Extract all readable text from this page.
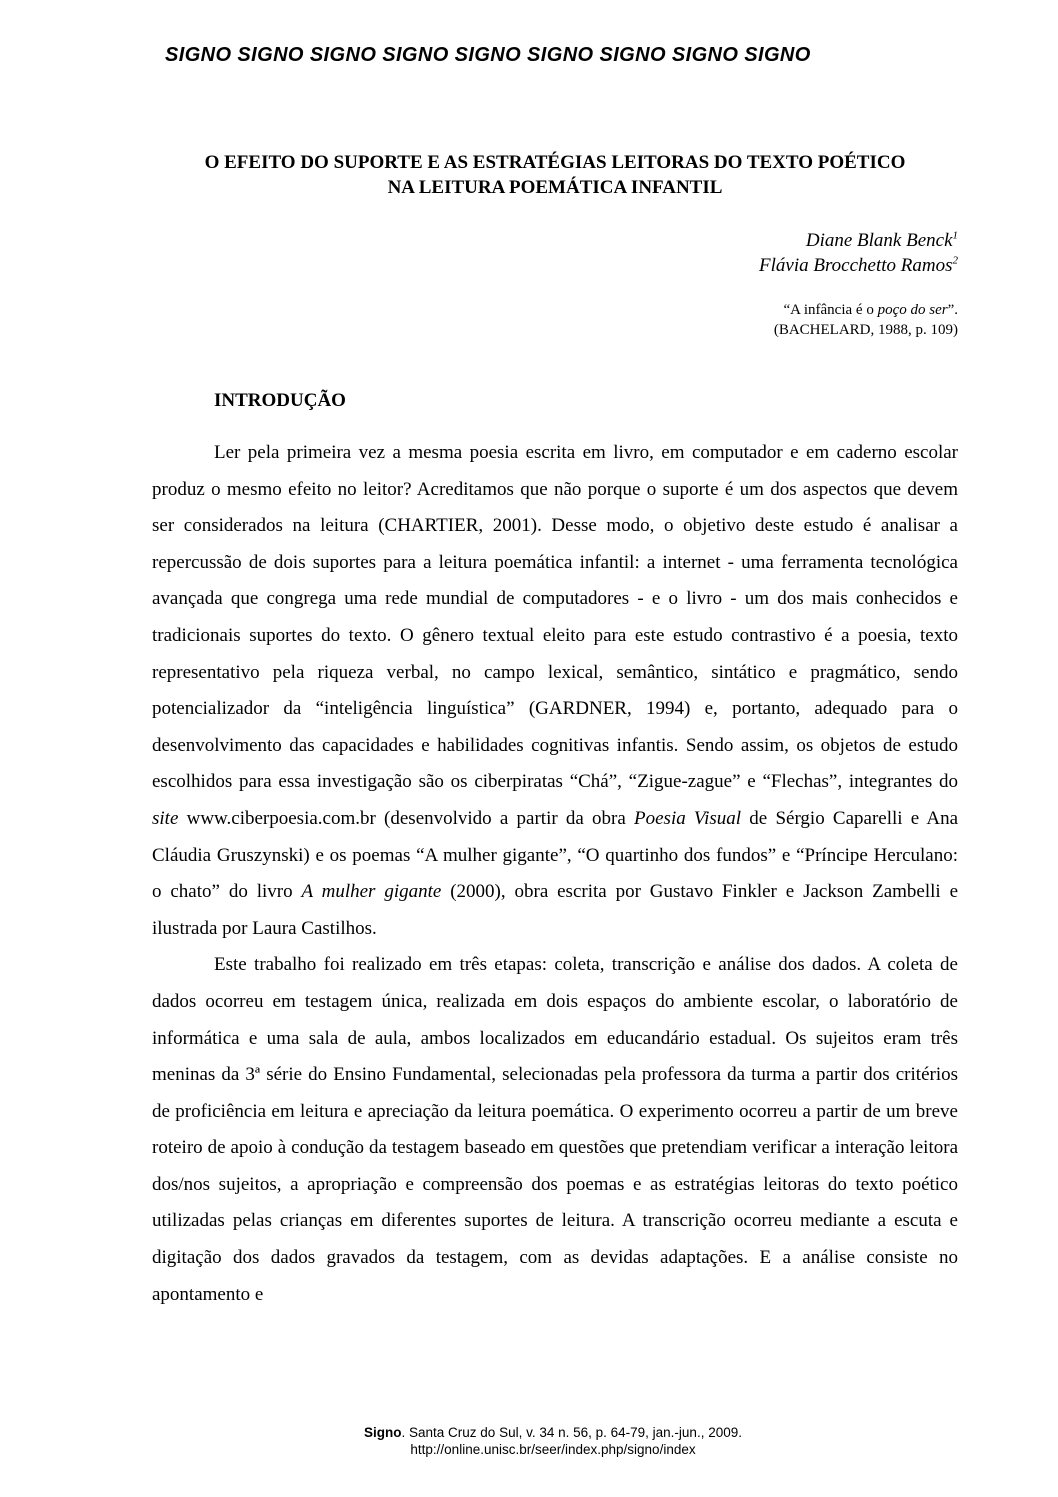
SIGNO SIGNO SIGNO SIGNO SIGNO SIGNO SIGNO SIGNO SIGNO
O EFEITO DO SUPORTE E AS ESTRATÉGIAS LEITORAS DO TEXTO POÉTICO
NA LEITURA POEMÁTICA INFANTIL
Diane Blank Benck$^1$
Flávia Brocchetto Ramos$^2$
“A infância é o poço do ser”.
(BACHELARD, 1988, p. 109)
INTRODUÇÃO

Ler pela primeira vez a mesma poesia escrita em livro, em computador e em caderno escolar produz o mesmo efeito no leitor? Acreditamos que não porque o suporte é um dos aspectos que devem ser considerados na leitura (CHARTIER, 2001). Desse modo, o objetivo deste estudo é analisar a repercussão de dois suportes para a leitura poemática infantil: a internet - uma ferramenta tecnológica avançada que congrega uma rede mundial de computadores - e o livro - um dos mais conhecidos e tradicionais suportes do texto. O gênero textual eleito para este estudo contrastivo é a poesia, texto representativo pela riqueza verbal, no campo lexical, semântico, sintático e pragmático, sendo potencializador da “inteligência linguística” (GARDNER, 1994) e, portanto, adequado para o desenvolvimento das capacidades e habilidades cognitivas infantis. Sendo assim, os objetos de estudo escolhidos para essa investigação são os ciberpiratas “Chá”, “Zigue-zague” e “Flechas”, integrantes do site www.ciberpoesia.com.br (desenvolvido a partir da obra Poesia Visual de Sérgio Caparelli e Ana Cláudia Gruszynski) e os poemas “A mulher gigante”, “O quartinho dos fundos” e “Príncipe Herculano: o chato” do livro A mulher gigante (2000), obra escrita por Gustavo Finkler e Jackson Zambelli e ilustrada por Laura Castilhos.

Este trabalho foi realizado em três etapas: coleta, transcrição e análise dos dados. A coleta de dados ocorreu em testagem única, realizada em dois espaços do ambiente escolar, o laboratório de informática e uma sala de aula, ambos localizados em educandário estadual. Os sujeitos eram três meninas da 3ª série do Ensino Fundamental, selecionadas pela professora da turma a partir dos critérios de proficiência em leitura e apreciação da leitura poemática. O experimento ocorreu a partir de um breve roteiro de apoio à condução da testagem baseado em questões que pretendiam verificar a interação leitora dos/nos sujeitos, a apropriação e compreensão dos poemas e as estratégias leitoras do texto poético utilizadas pelas crianças em diferentes suportes de leitura. A transcrição ocorreu mediante a escuta e digitação dos dados gravados da testagem, com as devidas adaptações. E a análise consiste no apontamento e

Signo. Santa Cruz do Sul, v. 34 n. 56, p. 64-79, jan.-jun., 2009.
http://online.unisc.br/seer/index.php/signo/index
